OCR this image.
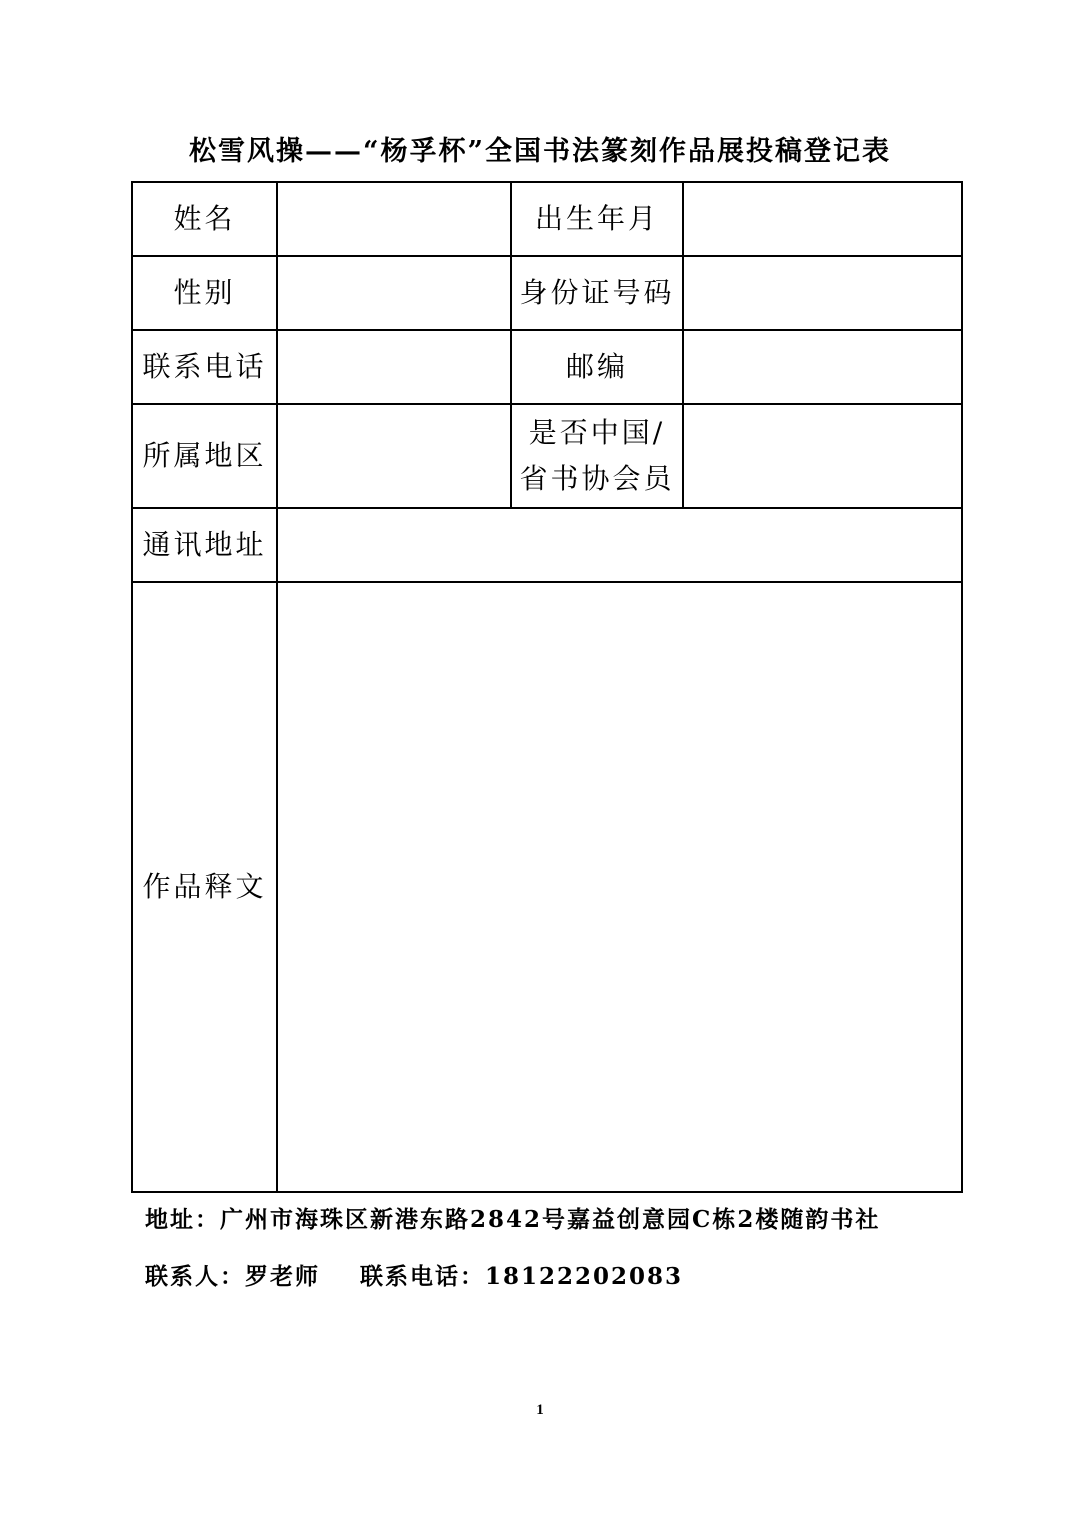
松雪风操——“杨孚杯”全国书法篆刻作品展投稿登记表
姓名		出生年月	
性别		身份证号码	
联系电话		邮编	
所属地区		是否中国/
省书协会员	

通讯地址			
作品释文			
地址：广州市海珠区新港东路2842号嘉益创意园C栋2楼随韵书社
联系人：罗老师 联系电话：18122202083
1
